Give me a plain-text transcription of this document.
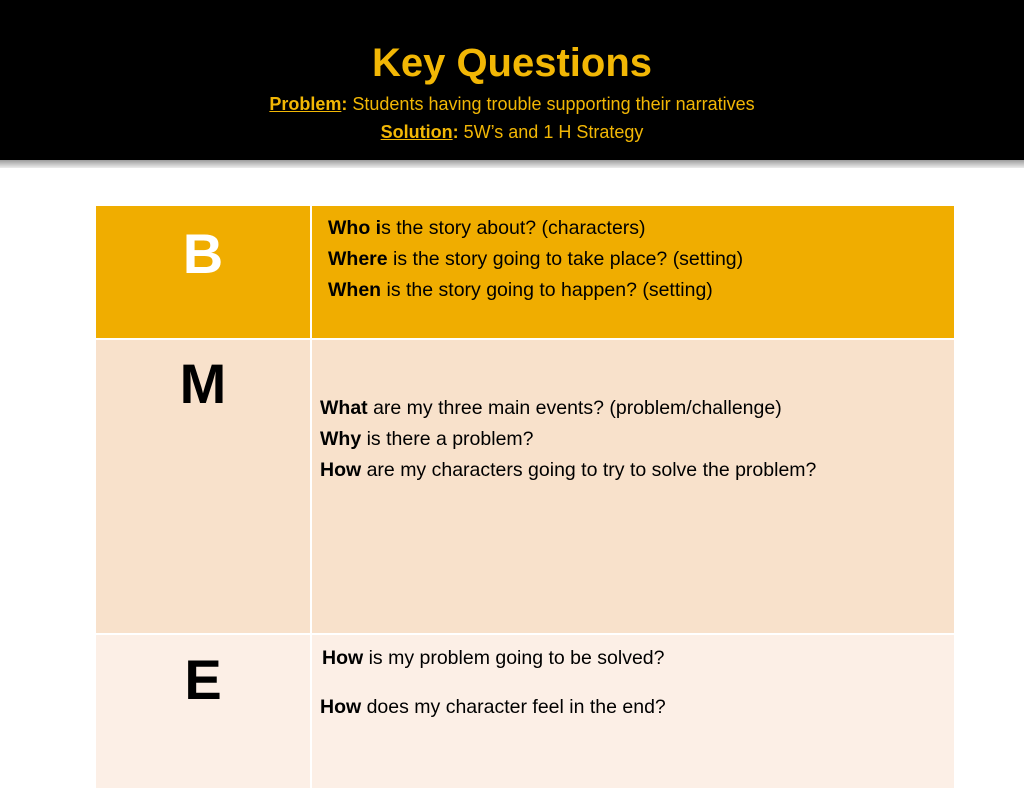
Key Questions
Problem: Students having trouble supporting their narratives
Solution: 5W’s and 1 H Strategy
B	Who is the story about? (characters)
Where is the story going to take place? (setting)
When is the story going to happen? (setting)

M	What are my three main events? (problem/challenge)
Why is there a problem?
How are my characters going to try to solve the problem?

E	How is my problem going to be solved?
How does my character feel in the end?
